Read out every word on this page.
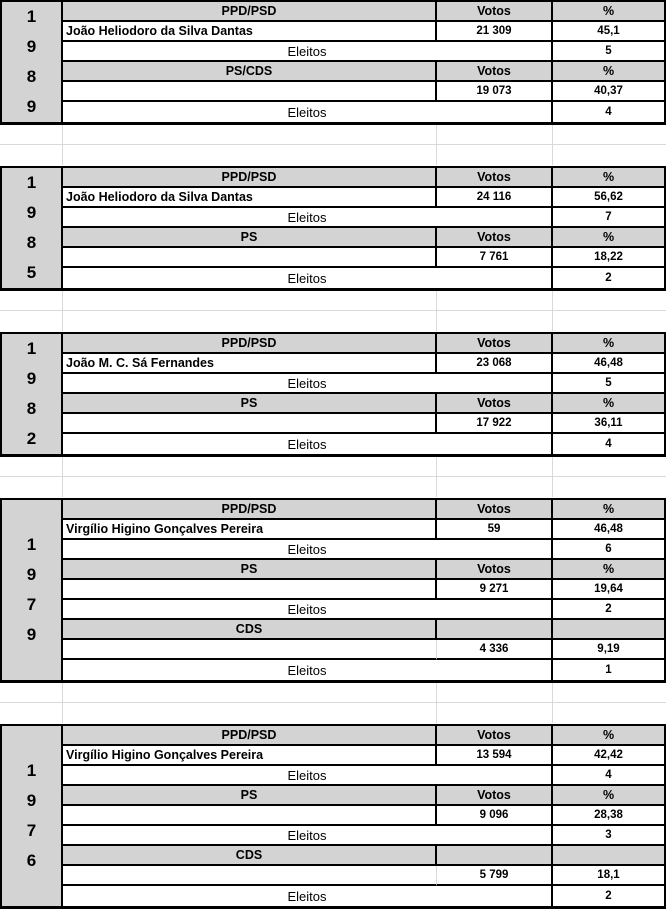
1
9
8
9
PPD/PSD	Votos	%
João Heliodoro da Silva Dantas	21 309	45,1
Eleitos	5
PS/CDS	Votos	%
19 073	40,37
Eleitos	4
1
9
8
5
PPD/PSD	Votos	%
João Heliodoro da Silva Dantas	24 116	56,62
Eleitos	7
PS	Votos	%
7 761	18,22
Eleitos	2
1
9
8
2
PPD/PSD	Votos	%
João M. C. Sá Fernandes	23 068	46,48
Eleitos	5
PS	Votos	%
17 922	36,11
Eleitos	4
1
9
7
9
PPD/PSD	Votos	%
Virgílio Higino Gonçalves Pereira	59	46,48
Eleitos	6
PS	Votos	%
9 271	19,64
Eleitos	2
CDS
4 336	9,19
Eleitos	1
1
9
7
6
PPD/PSD	Votos	%
Virgílio Higino Gonçalves Pereira	13 594	42,42
Eleitos	4
PS	Votos	%
9 096	28,38
Eleitos	3
CDS
5 799	18,1
Eleitos	2
